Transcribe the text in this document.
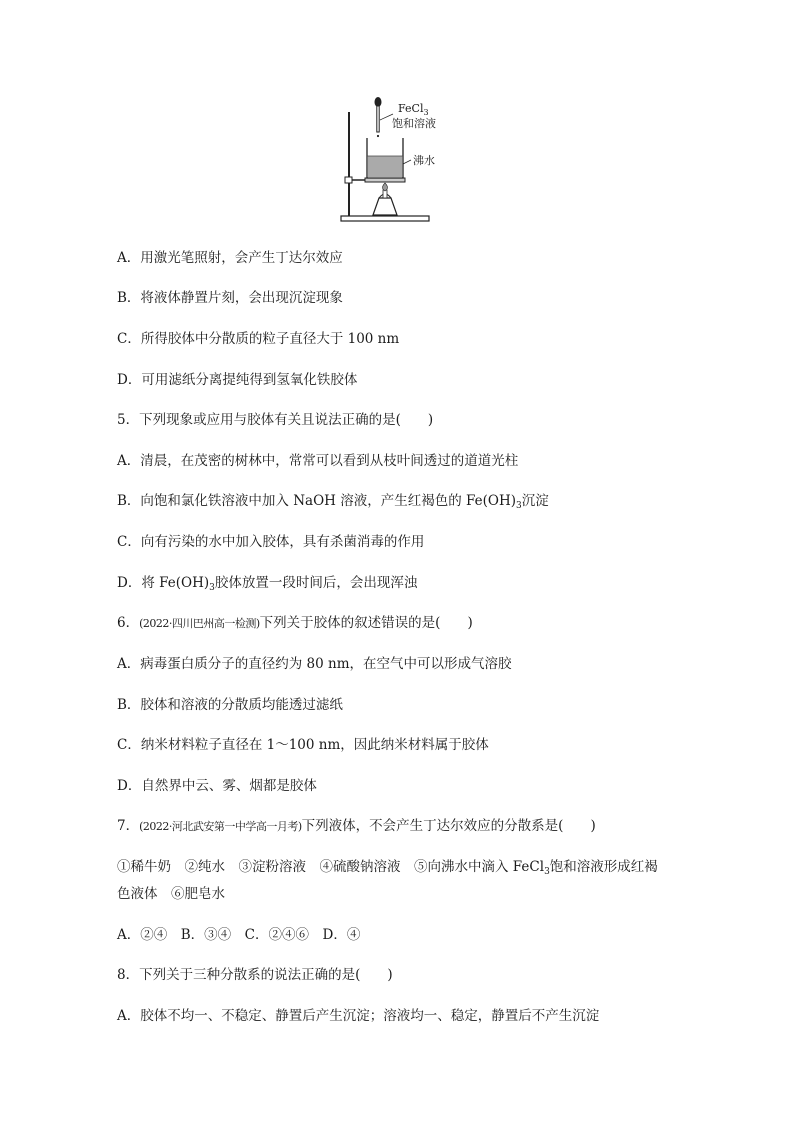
FeCl$_3$
饱和溶液
沸水
A．用激光笔照射，会产生丁达尔效应
B．将液体静置片刻，会出现沉淀现象
C．所得胶体中分散质的粒子直径大于 100 nm
D．可用滤纸分离提纯得到氢氧化铁胶体
5．下列现象或应用与胶体有关且说法正确的是(　　)
A．清晨，在茂密的树林中，常常可以看到从枝叶间透过的道道光柱
B．向饱和氯化铁溶液中加入 NaOH 溶液，产生红褐色的 $Fe(OH)_3$沉淀
C．向有污染的水中加入胶体，具有杀菌消毒的作用
D．将 $Fe(OH)_3$胶体放置一段时间后，会出现浑浊
6．(2022·四川巴州高一检测)下列关于胶体的叙述错误的是(　　)
A．病毒蛋白质分子的直径约为 80 nm，在空气中可以形成气溶胶
B．胶体和溶液的分散质均能透过滤纸
C．纳米材料粒子直径在 1～100 nm，因此纳米材料属于胶体
D．自然界中云、雾、烟都是胶体
7．(2022·河北武安第一中学高一月考)下列液体，不会产生丁达尔效应的分散系是(　　)
①稀牛奶　②纯水　③淀粉溶液　④硫酸钠溶液　⑤向沸水中滴入 FeCl$_3$饱和溶液形成红褐
色液体　⑥肥皂水
A．②④　B．③④　C．②④⑥　D．④
8．下列关于三种分散系的说法正确的是(　　)
A．胶体不均一、不稳定、静置后产生沉淀；溶液均一、稳定，静置后不产生沉淀
